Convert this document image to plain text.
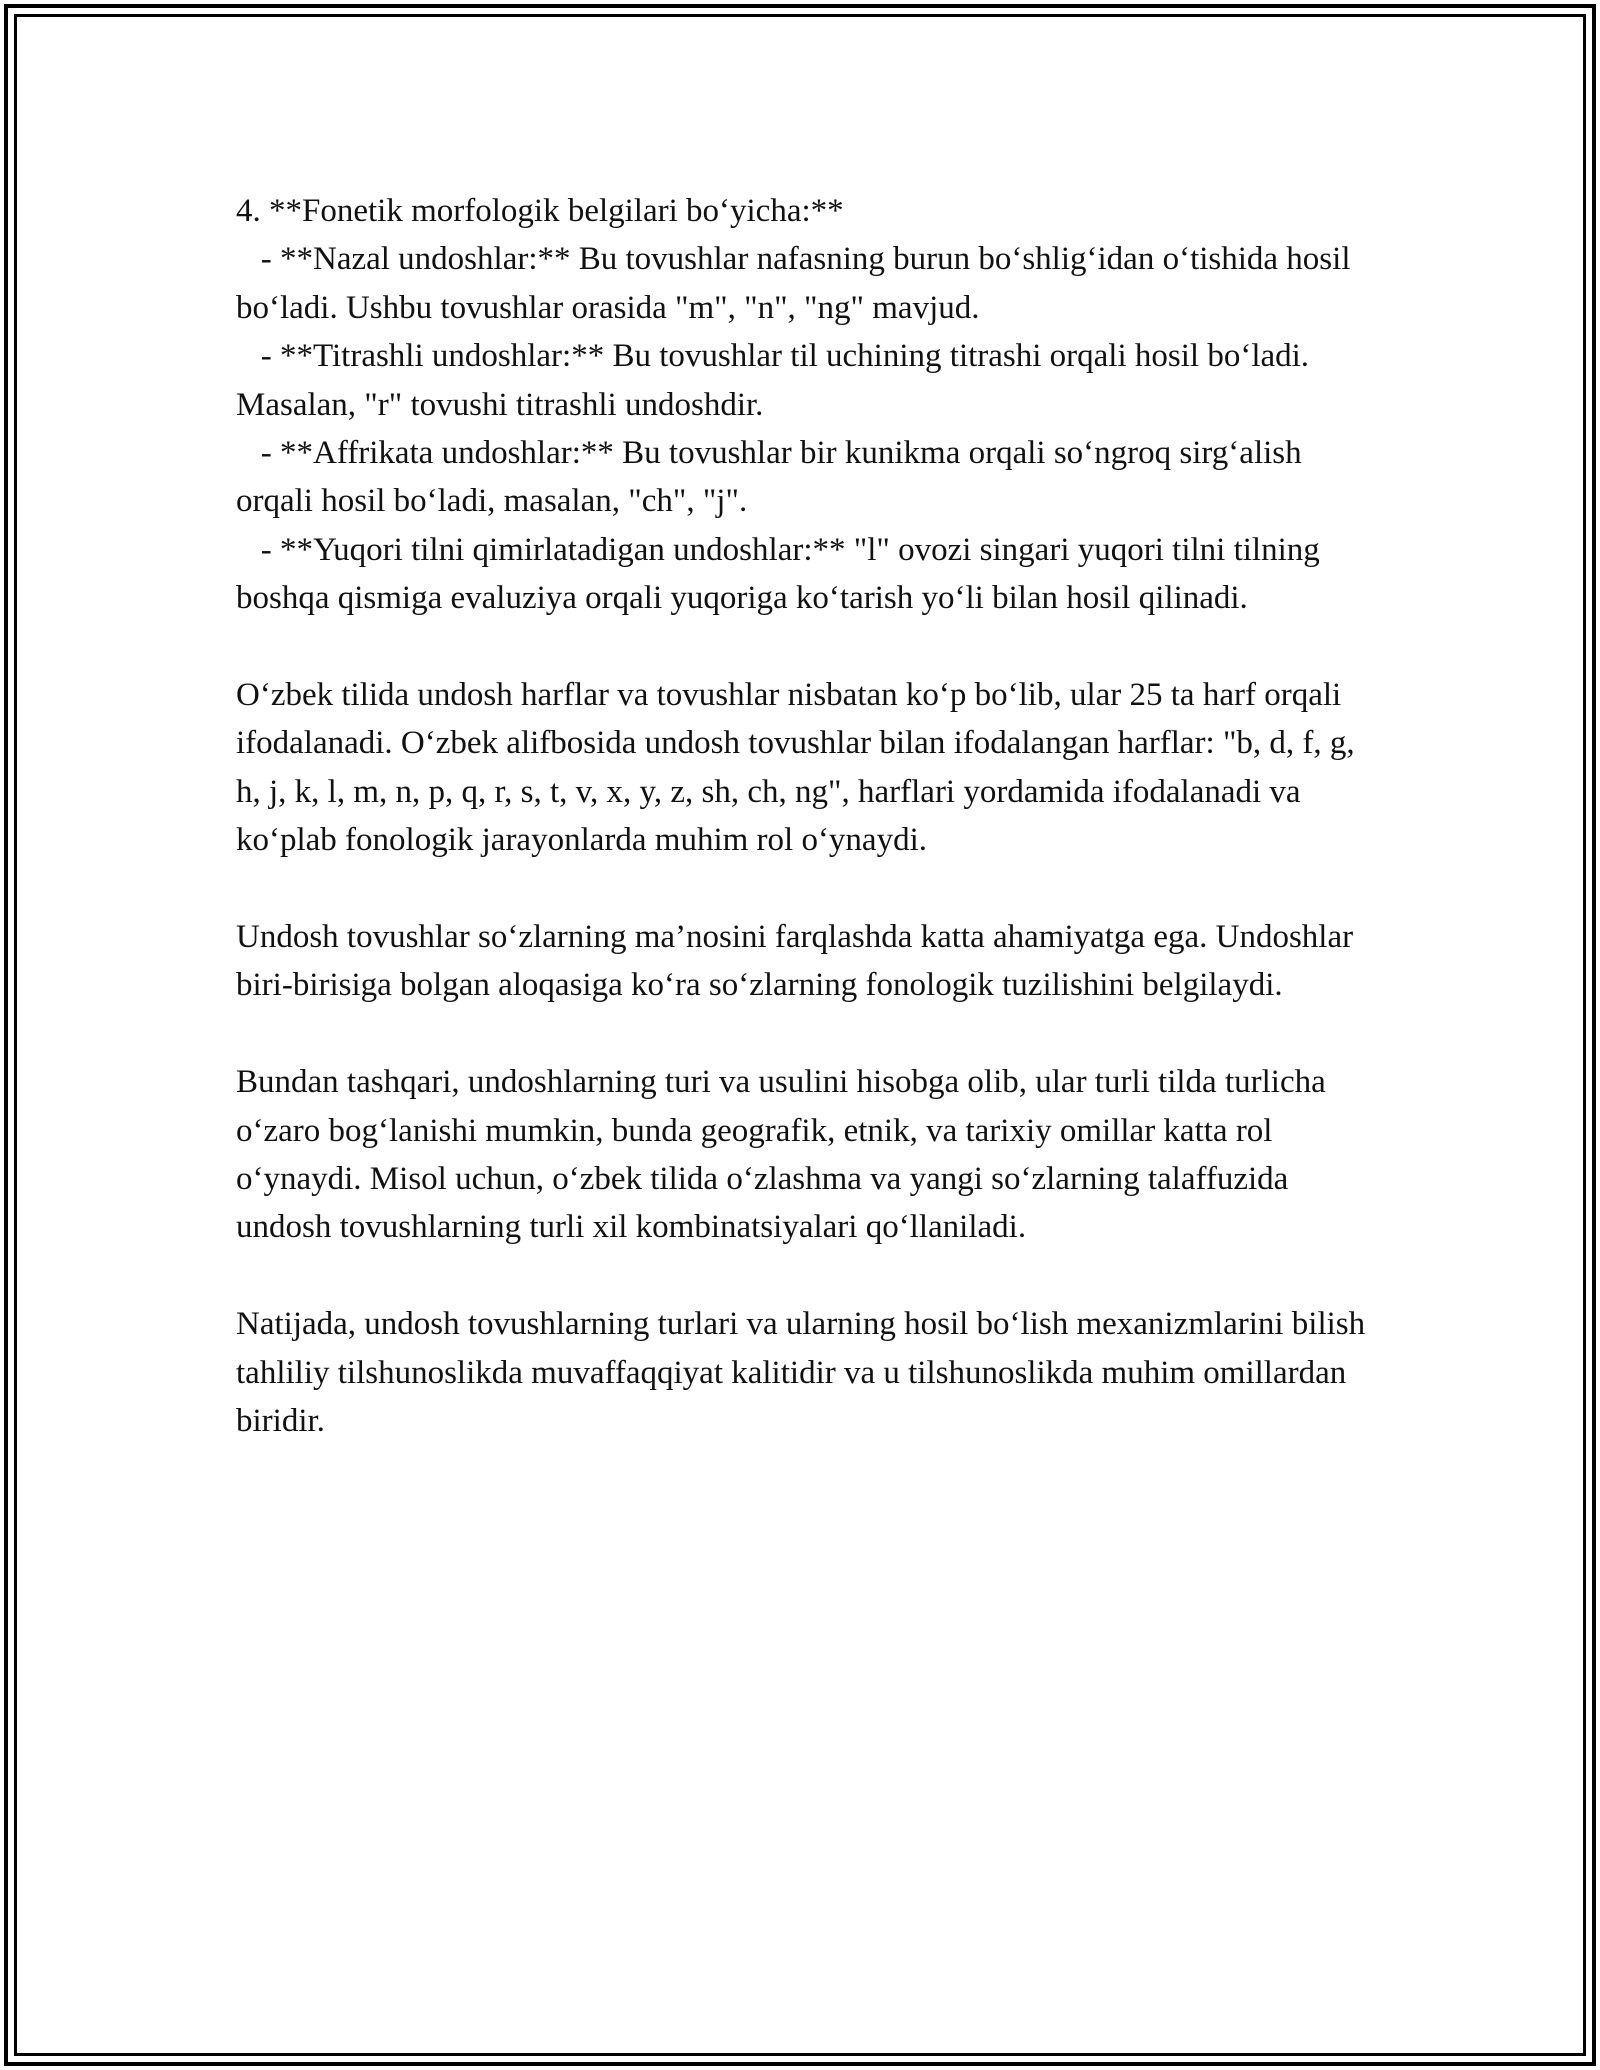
4. **Fonetik morfologik belgilari bo‘yicha:**
- **Nazal undoshlar:** Bu tovushlar nafasning burun bo‘shlig‘idan o‘tishida hosil bo‘ladi. Ushbu tovushlar orasida "m", "n", "ng" mavjud.
- **Titrashli undoshlar:** Bu tovushlar til uchining titrashi orqali hosil bo‘ladi. Masalan, "r" tovushi titrashli undoshdir.
- **Affrikata undoshlar:** Bu tovushlar bir kunikma orqali so‘ngroq sirg‘alish orqali hosil bo‘ladi, masalan, "ch", "j".
- **Yuqori tilni qimirlatadigan undoshlar:** "l" ovozi singari yuqori tilni tilning boshqa qismiga evaluziya orqali yuqoriga ko‘tarish yo‘li bilan hosil qilinadi.

O‘zbek tilida undosh harflar va tovushlar nisbatan ko‘p bo‘lib, ular 25 ta harf orqali ifodalanadi. O‘zbek alifbosida undosh tovushlar bilan ifodalangan harflar: "b, d, f, g, h, j, k, l, m, n, p, q, r, s, t, v, x, y, z, sh, ch, ng", harflari yordamida ifodalanadi va ko‘plab fonologik jarayonlarda muhim rol o‘ynaydi.

Undosh tovushlar so‘zlarning ma’nosini farqlashda katta ahamiyatga ega. Undoshlar biri-birisiga bolgan aloqasiga ko‘ra so‘zlarning fonologik tuzilishini belgilaydi.

Bundan tashqari, undoshlarning turi va usulini hisobga olib, ular turli tilda turlicha o‘zaro bog‘lanishi mumkin, bunda geografik, etnik, va tarixiy omillar katta rol o‘ynaydi. Misol uchun, o‘zbek tilida o‘zlashma va yangi so‘zlarning talaffuzida undosh tovushlarning turli xil kombinatsiyalari qo‘llaniladi.

Natijada, undosh tovushlarning turlari va ularning hosil bo‘lish mexanizmlarini bilish tahliliy tilshunoslikda muvaffaqqiyat kalitidir va u tilshunoslikda muhim omillardan biridir.
